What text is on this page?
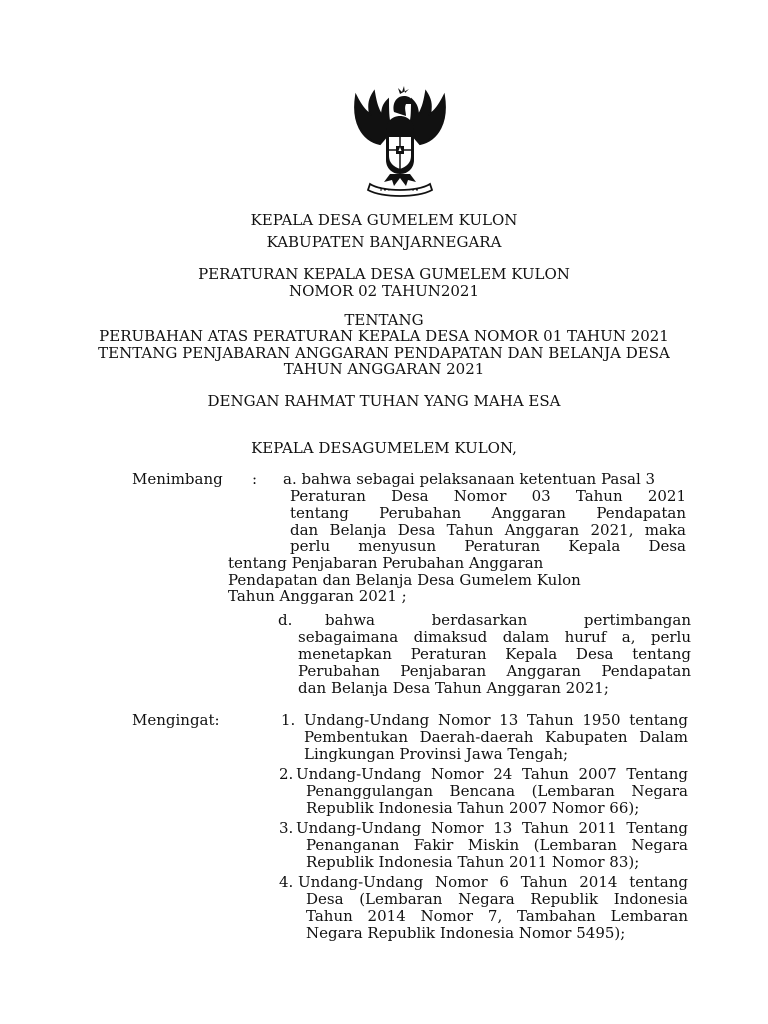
KEPALA DESA GUMELEM KULON
KABUPATEN BANJARNEGARA
PERATURAN KEPALA DESA GUMELEM KULON
NOMOR 02 TAHUN2021
TENTANG
PERUBAHAN ATAS PERATURAN KEPALA DESA NOMOR 01 TAHUN 2021
TENTANG PENJABARAN ANGGARAN PENDAPATAN DAN BELANJA DESA
TAHUN ANGGARAN 2021
DENGAN RAHMAT TUHAN YANG MAHA ESA
KEPALA DESAGUMELEM KULON,
Menimbang : a. bahwa sebagai pelaksanaan ketentuan Pasal 3
Peraturan Desa Nomor 03 Tahun 2021
tentang Perubahan Anggaran Pendapatan
dan Belanja Desa Tahun Anggaran 2021, maka
perlu menyusun Peraturan Kepala Desa
tentang Penjabaran Perubahan Anggaran
Pendapatan dan Belanja Desa Gumelem Kulon
Tahun Anggaran 2021 ;
d. bahwa berdasarkan pertimbangan
sebagaimana dimaksud dalam huruf a, perlu
menetapkan Peraturan Kepala Desa tentang
Perubahan Penjabaran Anggaran Pendapatan
dan Belanja Desa Tahun Anggaran 2021;
Mengingat:	1. Undang-Undang Nomor 13 Tahun 1950 tentang
Pembentukan Daerah-daerah Kabupaten Dalam
Lingkungan Provinsi Jawa Tengah;
2. Undang-Undang Nomor 24 Tahun 2007 Tentang
Penanggulangan Bencana (Lembaran Negara
Republik Indonesia Tahun 2007 Nomor 66);
3. Undang-Undang Nomor 13 Tahun 2011 Tentang
Penanganan Fakir Miskin (Lembaran Negara
Republik Indonesia Tahun 2011 Nomor 83);
4. Undang-Undang Nomor 6 Tahun 2014 tentang
Desa (Lembaran Negara Republik Indonesia
Tahun 2014 Nomor 7, Tambahan Lembaran
Negara Republik Indonesia Nomor 5495);
